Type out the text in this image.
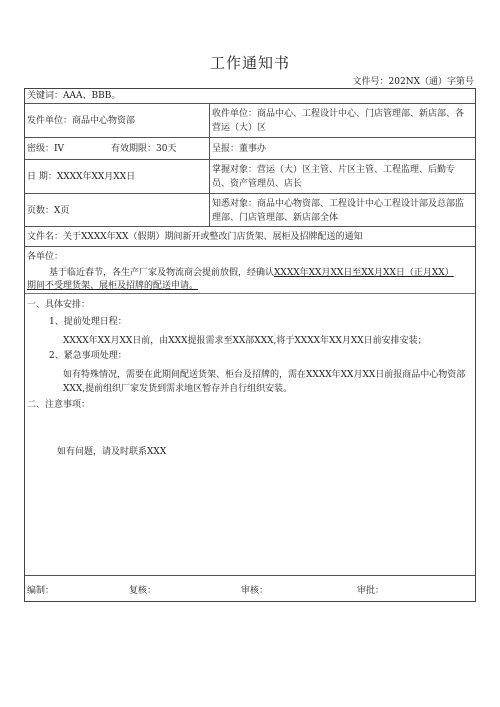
工作通知书
文件号：202NX（通）字第号
关键词：AAA、BBB。
发件单位：商品中心物资部
收件单位：商品中心、工程设计中心、门店管理部、新店部、各营运（大）区
密级：IV	有效期限：30天	呈报：董事办
日 期：XXXX年XX月XX日
掌握对象：营运（大）区主管、片区主管、工程监理、后勤专员、资产管理员、店长
页数：X页
知悉对象：商品中心物资部、工程设计中心工程设计部及总部监理部、门店管理部、新店部全体
文件名：关于XXXX年XX（假期）期间新开或整改门店货架、展柜及招牌配送的通知
各单位：
基于临近春节，各生产厂家及物流商会提前放假，经确认XXXX年XX月XX日至XX月XX日（正月XX）
期间不受理货架、展柜及招牌的配送申请。
一、具体安排：
1、提前处理日程：
XXXX年XX月XX日前，由XXX提报需求至XX部XXX,将于XXXX年XX月XX日前安排安装；
2、紧急事项处理：
如有特殊情况，需要在此期间配送货架、柜台及招牌的，需在XXXX年XX月XX日前报商品中心物资部XXX,提前组织厂家发货到需求地区暂存并自行组织安装。
二、注意事项：
如有问题，请及时联系XXX
编制：	复核：	审核：	审批：
